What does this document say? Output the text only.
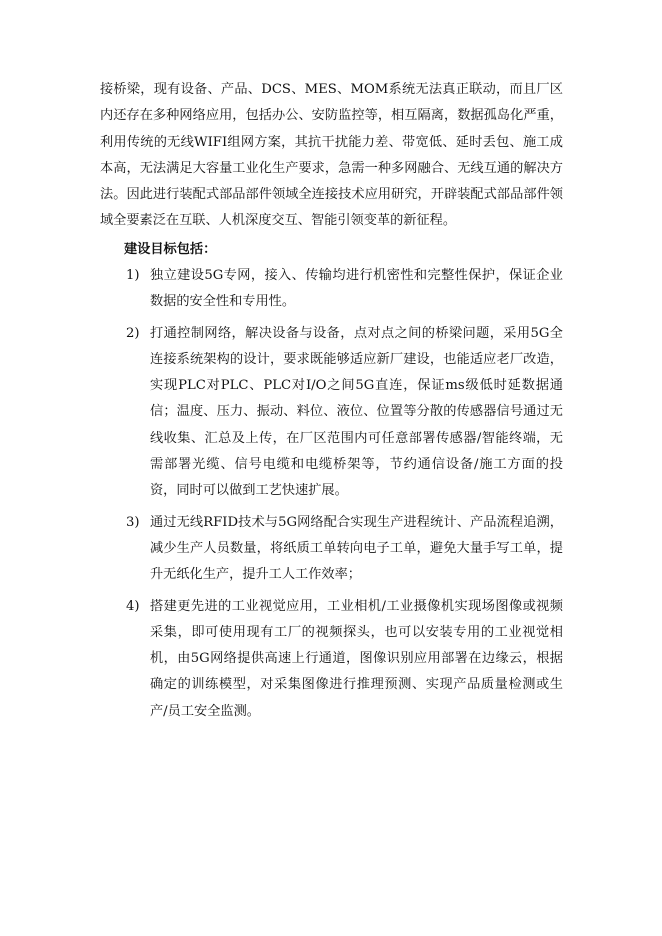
接桥梁，现有设备、产品、DCS、MES、MOM系统无法真正联动，而且厂区内还存在多种网络应用，包括办公、安防监控等，相互隔离，数据孤岛化严重，利用传统的无线WIFI组网方案，其抗干扰能力差、带宽低、延时丢包、施工成本高，无法满足大容量工业化生产要求，急需一种多网融合、无线互通的解决方法。因此进行装配式部品部件领域全连接技术应用研究，开辟装配式部品部件领域全要素泛在互联、人机深度交互、智能引领变革的新征程。

建设目标包括：
1) 独立建设5G专网，接入、传输均进行机密性和完整性保护，保证企业数据的安全性和专用性。
2) 打通控制网络，解决设备与设备，点对点之间的桥梁问题，采用5G全连接系统架构的设计，要求既能够适应新厂建设，也能适应老厂改造，实现PLC对PLC、PLC对I/O之间5G直连，保证ms级低时延数据通信；温度、压力、振动、料位、液位、位置等分散的传感器信号通过无线收集、汇总及上传，在厂区范围内可任意部署传感器/智能终端，无需部署光缆、信号电缆和电缆桥架等，节约通信设备/施工方面的投资，同时可以做到工艺快速扩展。
3) 通过无线RFID技术与5G网络配合实现生产进程统计、产品流程追溯，减少生产人员数量，将纸质工单转向电子工单，避免大量手写工单，提升无纸化生产，提升工人工作效率；
4) 搭建更先进的工业视觉应用，工业相机/工业摄像机实现场图像或视频采集，即可使用现有工厂的视频探头，也可以安装专用的工业视觉相机，由5G网络提供高速上行通道，图像识别应用部署在边缘云，根据确定的训练模型，对采集图像进行推理预测、实现产品质量检测或生产/员工安全监测。
